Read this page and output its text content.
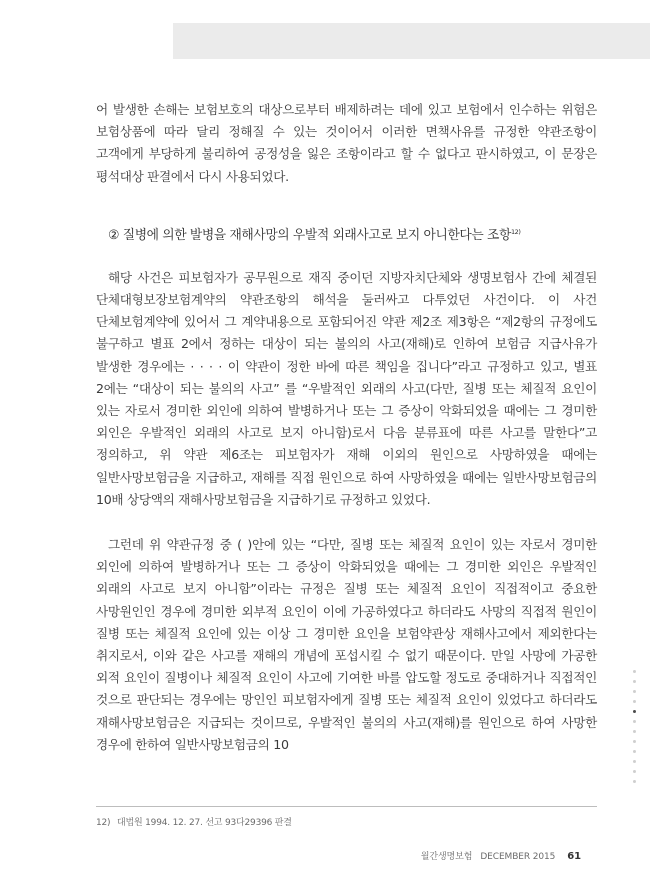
어 발생한 손해는 보험보호의 대상으로부터 배제하려는 데에 있고 보험에서 인수하는 위험은 보험상품에 따라 달리 정해질 수 있는 것이어서 이러한 면책사유를 규정한 약관조항이 고객에게 부당하게 불리하여 공정성을 잃은 조항이라고 할 수 없다고 판시하였고, 이 문장은 평석대상 판결에서 다시 사용되었다.

② 질병에 의한 발병을 재해사망의 우발적 외래사고로 보지 아니한다는 조항$^{12)}$

해당 사건은 피보험자가 공무원으로 재직 중이던 지방자치단체와 생명보험사 간에 체결된 단체대형보장보험계약의 약관조항의 해석을 둘러싸고 다투었던 사건이다. 이 사건 단체보험계약에 있어서 그 계약내용으로 포함되어진 약관 제2조 제3항은 “제2항의 규정에도 불구하고 별표 2에서 정하는 대상이 되는 불의의 사고(재해)로 인하여 보험금 지급사유가 발생한 경우에는 · · · · 이 약관이 정한 바에 따른 책임을 집니다”라고 규정하고 있고, 별표 2에는 “대상이 되는 불의의 사고” 를 “우발적인 외래의 사고(다만, 질병 또는 체질적 요인이 있는 자로서 경미한 외인에 의하여 발병하거나 또는 그 증상이 악화되었을 때에는 그 경미한 외인은 우발적인 외래의 사고로 보지 아니함)로서 다음 분류표에 따른 사고를 말한다”고 정의하고, 위 약관 제6조는 피보험자가 재해 이외의 원인으로 사망하였을 때에는 일반사망보험금을 지급하고, 재해를 직접 원인으로 하여 사망하였을 때에는 일반사망보험금의 10배 상당액의 재해사망보험금을 지급하기로 규정하고 있었다.

그런데 위 약관규정 중 ( )안에 있는 “다만, 질병 또는 체질적 요인이 있는 자로서 경미한 외인에 의하여 발병하거나 또는 그 증상이 악화되었을 때에는 그 경미한 외인은 우발적인 외래의 사고로 보지 아니함”이라는 규정은 질병 또는 체질적 요인이 직접적이고 중요한 사망원인인 경우에 경미한 외부적 요인이 이에 가공하였다고 하더라도 사망의 직접적 원인이 질병 또는 체질적 요인에 있는 이상 그 경미한 요인을 보험약관상 재해사고에서 제외한다는 취지로서, 이와 같은 사고를 재해의 개념에 포섭시킬 수 없기 때문이다. 만일 사망에 가공한 외적 요인이 질병이나 체질적 요인이 사고에 기여한 바를 압도할 정도로 중대하거나 직접적인 것으로 판단되는 경우에는 망인인 피보험자에게 질병 또는 체질적 요인이 있었다고 하더라도 재해사망보험금은 지급되는 것이므로, 우발적인 불의의 사고(재해)를 원인으로 하여 사망한 경우에 한하여 일반사망보험금의 10

12) 대법원 1994. 12. 27. 선고 93다29396 판결
월간생명보험 DECEMBER 2015 61
